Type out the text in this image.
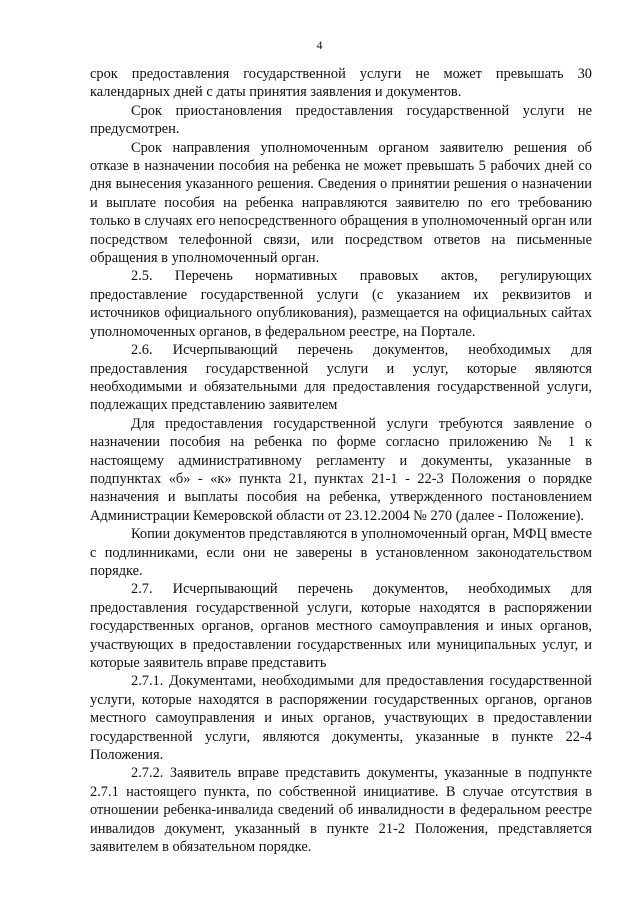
4

срок предоставления государственной услуги не может превышать 30 календарных дней с даты принятия заявления и документов.

Срок приостановления предоставления государственной услуги не предусмотрен.

Срок направления уполномоченным органом заявителю решения об отказе в назначении пособия на ребенка не может превышать 5 рабочих дней со дня вынесения указанного решения. Сведения о принятии решения о назначении и выплате пособия на ребенка направляются заявителю по его требованию только в случаях его непосредственного обращения в уполномоченный орган или посредством телефонной связи, или посредством ответов на письменные обращения в уполномоченный орган.

2.5. Перечень нормативных правовых актов, регулирующих предоставление государственной услуги (с указанием их реквизитов и источников официального опубликования), размещается на официальных сайтах уполномоченных органов, в федеральном реестре, на Портале.

2.6. Исчерпывающий перечень документов, необходимых для предоставления государственной услуги и услуг, которые являются необходимыми и обязательными для предоставления государственной услуги, подлежащих представлению заявителем

Для предоставления государственной услуги требуются заявление о назначении пособия на ребенка по форме согласно приложению № 1 к настоящему административному регламенту и документы, указанные в подпунктах «б» - «к» пункта 21, пунктах 21-1 - 22-3 Положения о порядке назначения и выплаты пособия на ребенка, утвержденного постановлением Администрации Кемеровской области от 23.12.2004 № 270 (далее - Положение).

Копии документов представляются в уполномоченный орган, МФЦ вместе с подлинниками, если они не заверены в установленном законодательством порядке.

2.7. Исчерпывающий перечень документов, необходимых для предоставления государственной услуги, которые находятся в распоряжении государственных органов, органов местного самоуправления и иных органов, участвующих в предоставлении государственных или муниципальных услуг, и которые заявитель вправе представить

2.7.1. Документами, необходимыми для предоставления государственной услуги, которые находятся в распоряжении государственных органов, органов местного самоуправления и иных органов, участвующих в предоставлении государственной услуги, являются документы, указанные в пункте 22-4 Положения.

2.7.2. Заявитель вправе представить документы, указанные в подпункте 2.7.1 настоящего пункта, по собственной инициативе. В случае отсутствия в отношении ребенка-инвалида сведений об инвалидности в федеральном реестре инвалидов документ, указанный в пункте 21-2 Положения, представляется заявителем в обязательном порядке.
